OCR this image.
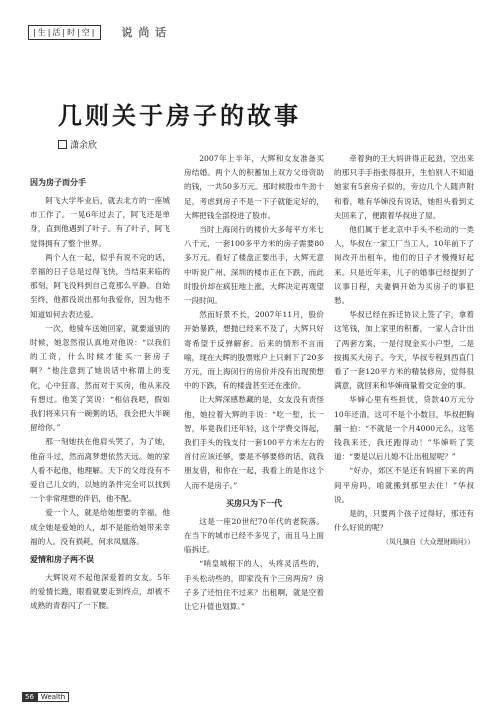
|生|活|时|空|	说 尚 话
几则关于房子的故事
潇余欣
因为房子而分手

阿飞大学毕业后，就去北方的一座城市工作了。一晃6年过去了，阿飞还是单身，直到他遇到了叶子。有了叶子，阿飞觉得拥有了整个世界。

两个人在一起，似乎有说不完的话，幸福的日子总是过得飞快，当结束来临的那刻，阿飞没料到自己竟那么平静。自始至终，他都没说出那句我爱你，因为他不知道如何去表达爱。

一次，他骑车送她回家，就要道别的时候，她忽然很认真地对他说：“以我们的工资，什么时候才能买一套房子啊？”他注意到了她说话中称谓上的变化，心中狂喜，然而对于买房，他从来没有想过。他笑了笑说：“相信我吧，假如我们将来只有一碗粥的话，我会把大半碗留给你。”

那一刻她扶在他肩头哭了，为了她，他奋斗过，然而离梦想依然天远。她的家人看不起他，他理解。天下的父母没有不爱自己儿女的，以她的条件完全可以找到一个非常理想的伴侣，他不配。

爱一个人，就是给她想要的幸福，他成全她是爱她的人，却不是能给她带来幸福的人。没有损耗，何求凤凰落。

爱情和房子两不误

大辉说对不起他深爱着的女友。5年的爱情长跑，眼看就要走到终点，却被不成熟的青春闪了一下腰。

2007年上半年，大辉和女友准备买房结婚。两个人的积蓄加上双方父母资助的钱，一共50多万元。那时候股市牛劲十足，考虑到房子不是一下子就能定好的，大辉把钱全部投进了股市。

当时上海闵行的楼价大多每平方米七八千元，一套100多平方米的房子需要80多万元。看好了楼盘正要出手，大辉无意中听说广州、深圳的楼市正在下跌，而此时股价却在疯狂地上涨，大辉决定再观望一段时间。

然而好景不长，2007年11月，股价开始暴跌，想抛已经来不及了，大辉只好寄希望于反弹解套。后来的情形不言而喻，现在大辉的股票账户上只剩下了20多万元，而上海闵行的房价并没有出现预想中的下跌，有的楼盘甚至还在涨价。

让大辉深感愁藏的是，女友没有责怪他，她拉着大辉的手说：“吃一堑，长一智，毕竟我们还年轻，这个学费交得起，我们手头的钱支付一套100平方米左右的首付应该还够，要是不够要修的话，就我朋友借，和你在一起，我看上的是你这个人而不是房子。”

买房只为下一代

这是一座20世纪70年代的老院落。在当下的城市已经不多见了，而且马上面临拆迁。

“哨皇城根下的人，头疼灵活些的，手头松动些的，即家没有个三房两房？房子多了还怕住不过来？出租啊，就是空着让它升值也划算。”

牵着狗的王大妈讲得正起劲，空出来的那只手手指张得很开，生怕别人不知道她家有5套房子似的，旁边几个人随声附和着，唯有华婶没有说话，她担头看到丈夫回来了，便跟着华叔进了屋。

他们属于老北京中手头不松动的一类人，华叔在一家工厂当工人，10年前下了岗改开出租车，他们的日子才慢慢好起来。只是近年来，儿子的婚事已经提到了议事日程，夫妻俩开始为买房子的事犯愁。

华叔已经在拆迁协议上签了字，拿着这笔钱，加上家里的积蓄，一家人合计出了两套方案，一是付现金买小户型，二是按揭买大房子。今天，华叔专程到西直门看了一套120平方米的精装修房，觉得很满意，就回来和华婶商量着交定金的事。

华婶心里有些担忧，贷款40万元分10年还清，这可不是个小数目，华叔把胸脯一拍：“不就是一个月4000元么，这笔钱我来还，我还跑得动！”华婶听了笑道：“要是以后儿媳不让出租屋呢？”

“好办，郊区不是还有妈留下来的两间平房吗，咱就搬到那里去住！”华叔说。

是的，只要两个孩子过得好，那还有什么好说的呢？

（凤凡摘自《大众理财顾问》）
56	Wealth
